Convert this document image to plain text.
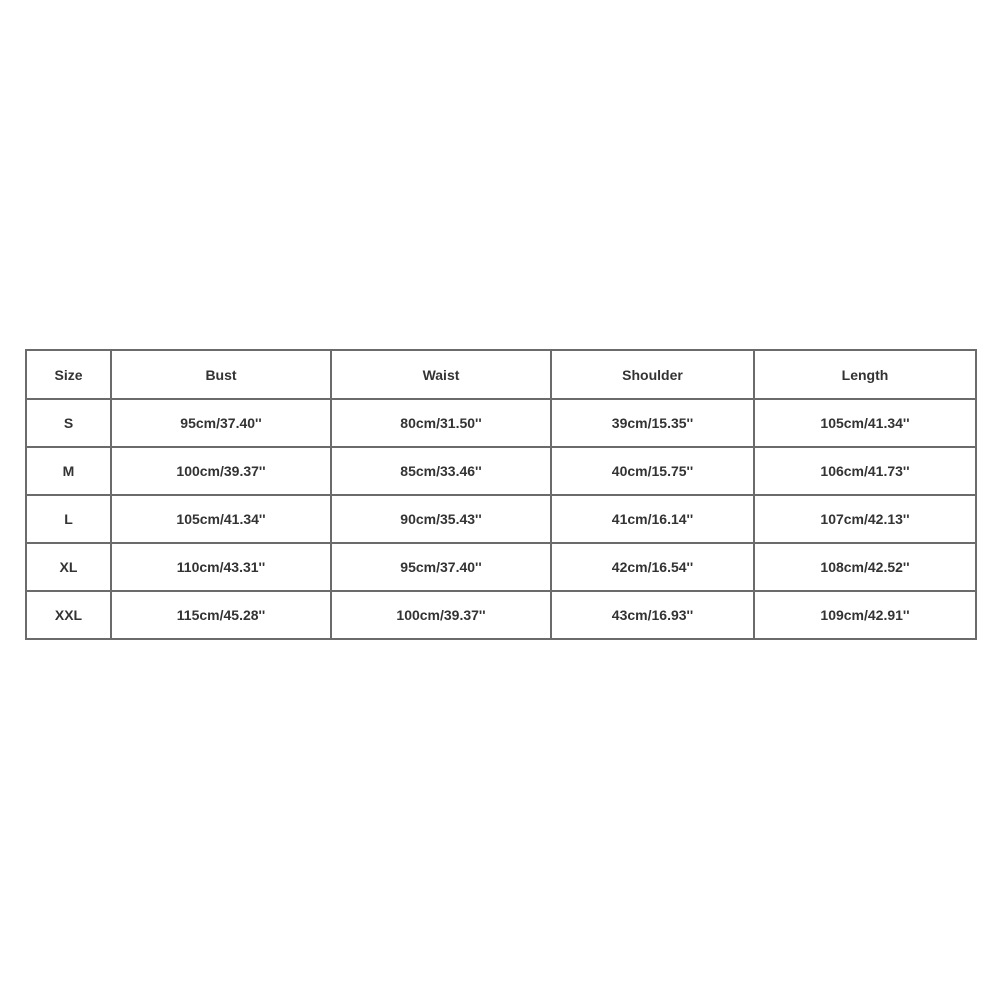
Size	Bust	Waist	Shoulder	Length
S	95cm/37.40''	80cm/31.50''	39cm/15.35''	105cm/41.34''
M	100cm/39.37''	85cm/33.46''	40cm/15.75''	106cm/41.73''
L	105cm/41.34''	90cm/35.43''	41cm/16.14''	107cm/42.13''
XL	110cm/43.31''	95cm/37.40''	42cm/16.54''	108cm/42.52''
XXL	115cm/45.28''	100cm/39.37''	43cm/16.93''	109cm/42.91''
